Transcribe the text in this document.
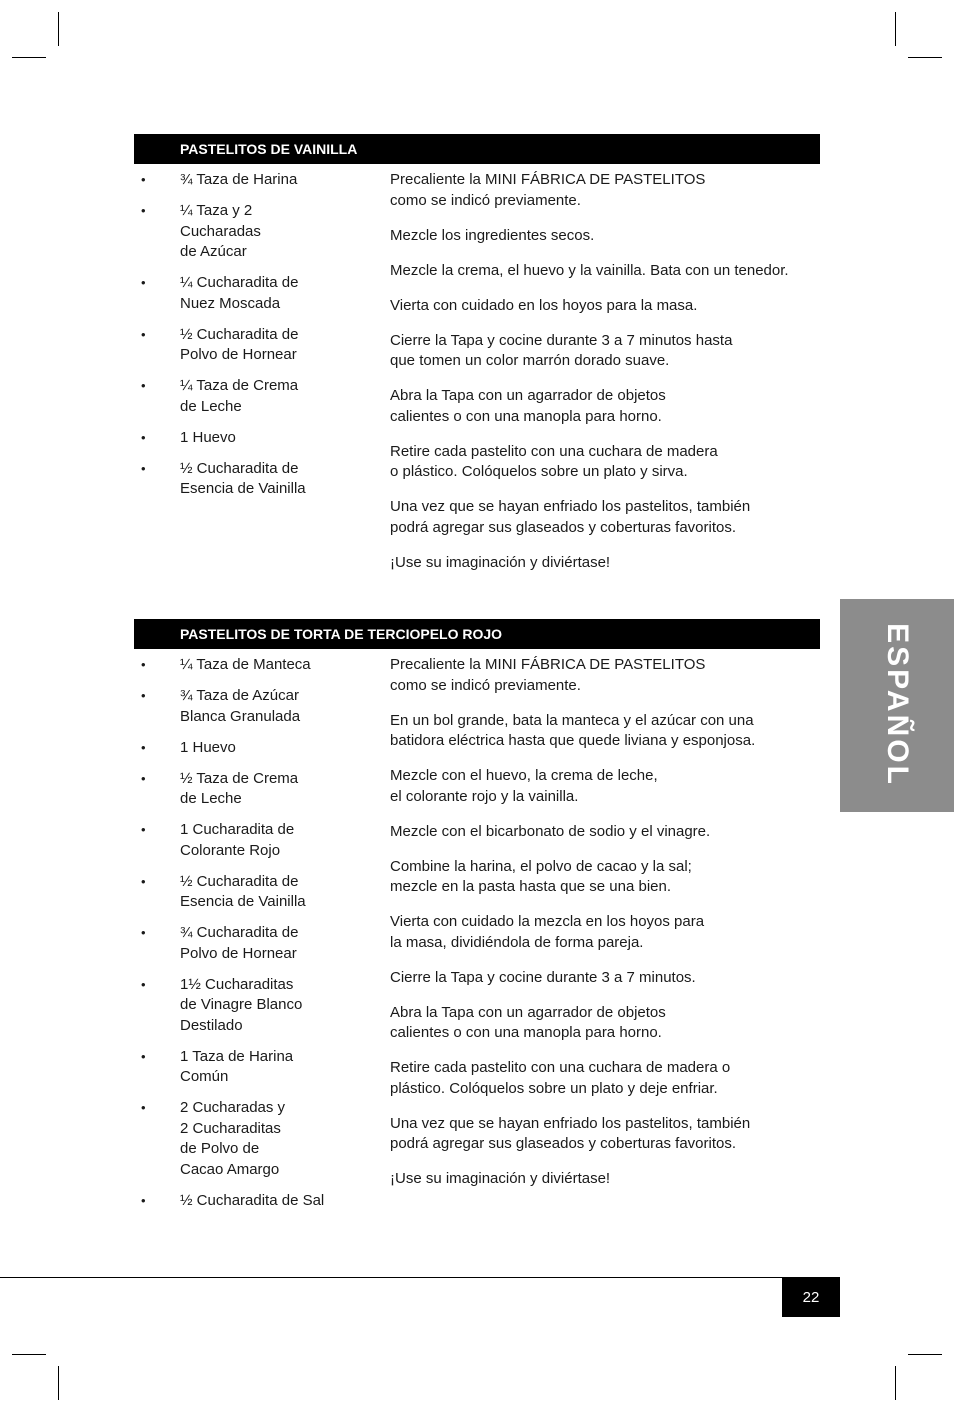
PASTELITOS DE VAINILLA
• ¾ Taza de Harina
• ¼ Taza y 2
Cucharadas
de Azúcar
• ¼ Cucharadita de
Nuez Moscada
• ½ Cucharadita de
Polvo de Hornear
• ¼ Taza de Crema
de Leche
• 1 Huevo
• ½ Cucharadita de
Esencia de Vainilla

Precaliente la MINI FÁBRICA DE PASTELITOS
como se indicó previamente.

Mezcle los ingredientes secos.

Mezcle la crema, el huevo y la vainilla. Bata con un tenedor.

Vierta con cuidado en los hoyos para la masa.

Cierre la Tapa y cocine durante 3 a 7 minutos hasta
que tomen un color marrón dorado suave.

Abra la Tapa con un agarrador de objetos
calientes o con una manopla para horno.

Retire cada pastelito con una cuchara de madera
o plástico. Colóquelos sobre un plato y sirva.

Una vez que se hayan enfriado los pastelitos, también
podrá agregar sus glaseados y coberturas favoritos.

¡Use su imaginación y diviértase!

PASTELITOS DE TORTA DE TERCIOPELO ROJO
• ¼ Taza de Manteca
• ¾ Taza de Azúcar
Blanca Granulada
• 1 Huevo
• ½ Taza de Crema
de Leche
• 1 Cucharadita de
Colorante Rojo
• ½ Cucharadita de
Esencia de Vainilla
• ¾ Cucharadita de
Polvo de Hornear
• 1½ Cucharaditas
de Vinagre Blanco
Destilado
• 1 Taza de Harina
Común
• 2 Cucharadas y
2 Cucharaditas
de Polvo de
Cacao Amargo
• ½ Cucharadita de Sal

Precaliente la MINI FÁBRICA DE PASTELITOS
como se indicó previamente.

En un bol grande, bata la manteca y el azúcar con una
batidora eléctrica hasta que quede liviana y esponjosa.

Mezcle con el huevo, la crema de leche,
el colorante rojo y la vainilla.

Mezcle con el bicarbonato de sodio y el vinagre.

Combine la harina, el polvo de cacao y la sal;
mezcle en la pasta hasta que se una bien.

Vierta con cuidado la mezcla en los hoyos para
la masa, dividiéndola de forma pareja.

Cierre la Tapa y cocine durante 3 a 7 minutos.

Abra la Tapa con un agarrador de objetos
calientes o con una manopla para horno.

Retire cada pastelito con una cuchara de madera o
plástico. Colóquelos sobre un plato y deje enfriar.

Una vez que se hayan enfriado los pastelitos, también
podrá agregar sus glaseados y coberturas favoritos.

¡Use su imaginación y diviértase!

ESPAÑOL
22
